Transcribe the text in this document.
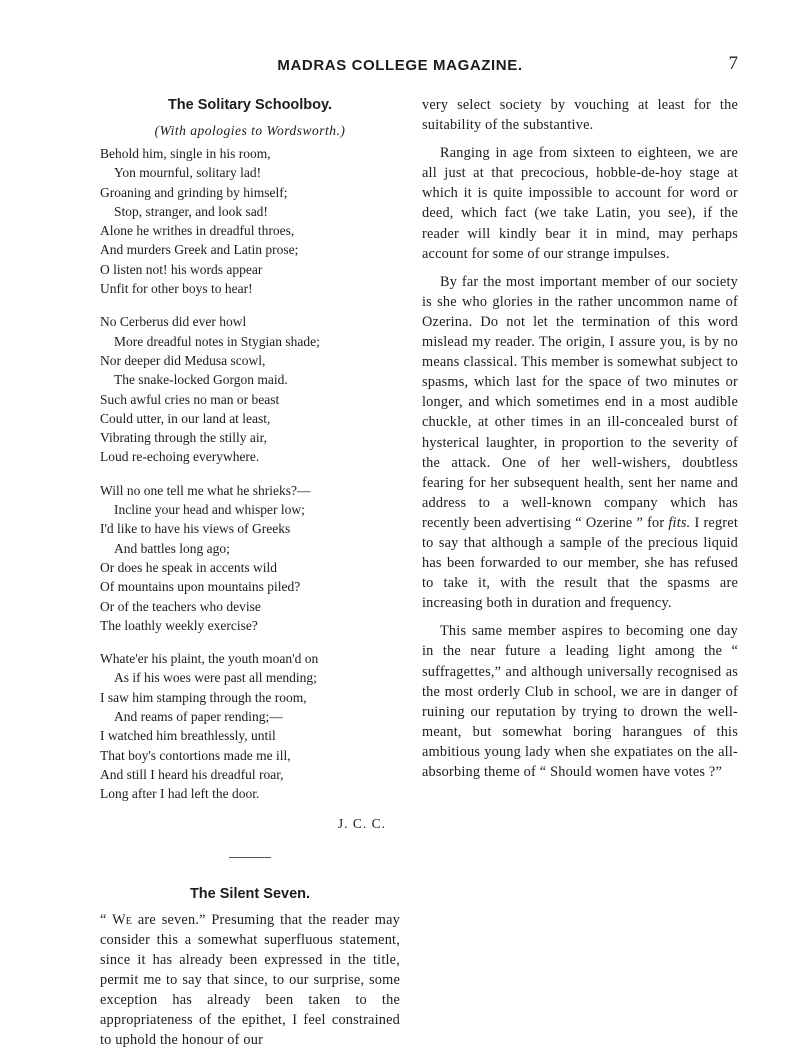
MADRAS COLLEGE MAGAZINE.	7
The Solitary Schoolboy.
(With apologies to Wordsworth.)
Behold him, single in his room,
Yon mournful, solitary lad!
Groaning and grinding by himself;
Stop, stranger, and look sad!
Alone he writhes in dreadful throes,
And murders Greek and Latin prose;
O listen not! his words appear
Unfit for other boys to hear!
No Cerberus did ever howl
More dreadful notes in Stygian shade;
Nor deeper did Medusa scowl,
The snake-locked Gorgon maid.
Such awful cries no man or beast
Could utter, in our land at least,
Vibrating through the stilly air,
Loud re-echoing everywhere.
Will no one tell me what he shrieks?—
Incline your head and whisper low;
I'd like to have his views of Greeks
And battles long ago;
Or does he speak in accents wild
Of mountains upon mountains piled?
Or of the teachers who devise
The loathly weekly exercise?
Whate'er his plaint, the youth moan'd on
As if his woes were past all mending;
I saw him stamping through the room,
And reams of paper rending;—
I watched him breathlessly, until
That boy's contortions made me ill,
And still I heard his dreadful roar,
Long after I had left the door.
J. C. C.
The Silent Seven.

“ We are seven.” Presuming that the reader may consider this a somewhat superfluous statement, since it has already been expressed in the title, permit me to say that since, to our surprise, some exception has already been taken to the appropriateness of the epithet, I feel constrained to uphold the honour of our

very select society by vouching at least for the suitability of the substantive.

Ranging in age from sixteen to eighteen, we are all just at that precocious, hobble-de-hoy stage at which it is quite impossible to account for word or deed, which fact (we take Latin, you see), if the reader will kindly bear it in mind, may perhaps account for some of our strange impulses.

By far the most important member of our society is she who glories in the rather uncommon name of Ozerina. Do not let the termination of this word mislead my reader. The origin, I assure you, is by no means classical. This member is somewhat subject to spasms, which last for the space of two minutes or longer, and which sometimes end in a most audible chuckle, at other times in an ill-concealed burst of hysterical laughter, in proportion to the severity of the attack. One of her well-wishers, doubtless fearing for her subsequent health, sent her name and address to a well-known company which has recently been advertising “ Ozerine ” for fits. I regret to say that although a sample of the precious liquid has been forwarded to our member, she has refused to take it, with the result that the spasms are increasing both in duration and frequency.

This same member aspires to becoming one day in the near future a leading light among the “ suffragettes,” and although universally recognised as the most orderly Club in school, we are in danger of ruining our reputation by trying to drown the well-meant, but somewhat boring harangues of this ambitious young lady when she expatiates on the all-absorbing theme of “ Should women have votes ?”
